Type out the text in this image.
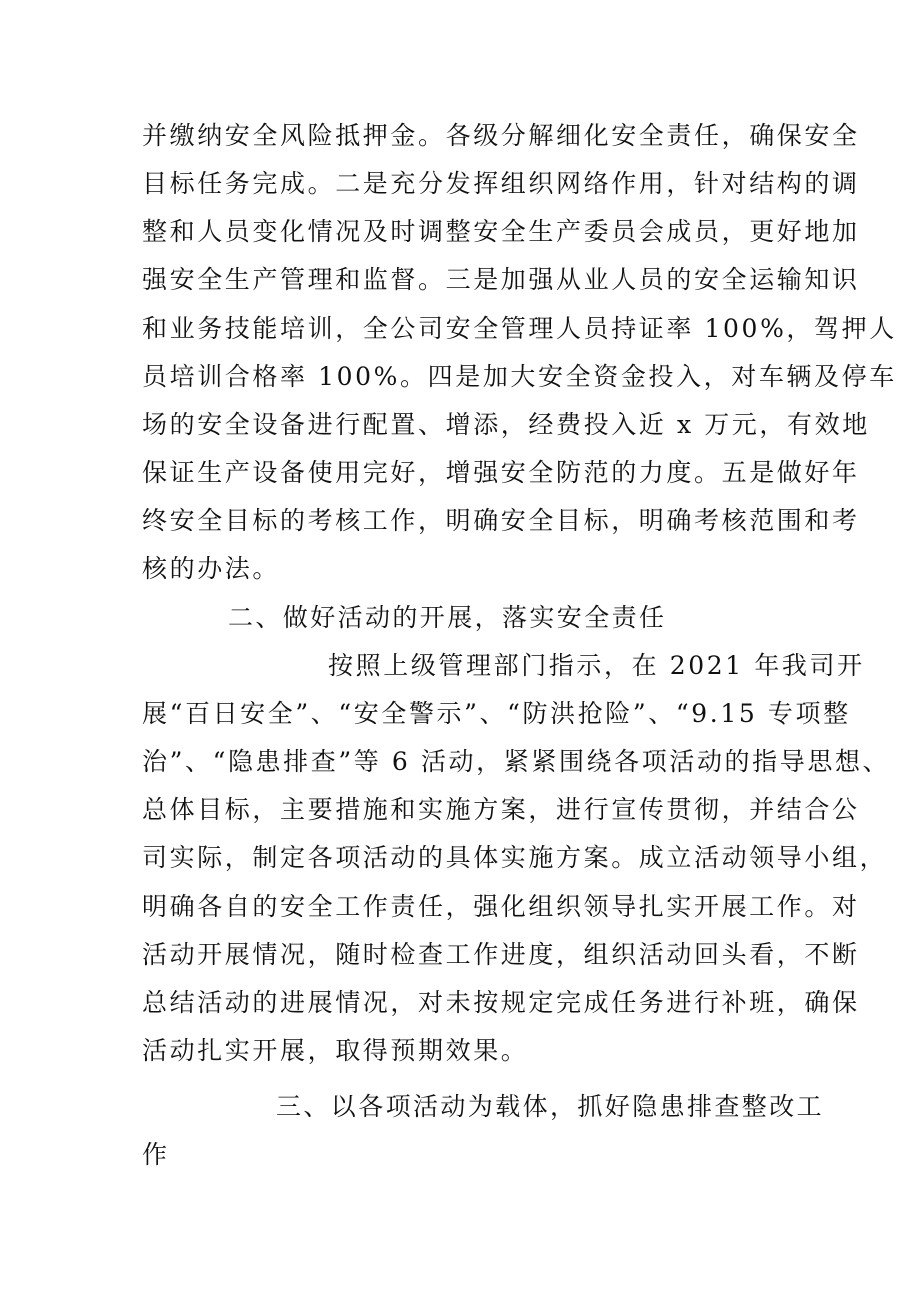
并缴纳安全风险抵押金。各级分解细化安全责任，确保安全
目标任务完成。二是充分发挥组织网络作用，针对结构的调
整和人员变化情况及时调整安全生产委员会成员，更好地加
强安全生产管理和监督。三是加强从业人员的安全运输知识
和业务技能培训，全公司安全管理人员持证率 100%，驾押人
员培训合格率 100%。四是加大安全资金投入，对车辆及停车
场的安全设备进行配置、增添，经费投入近 x 万元，有效地
保证生产设备使用完好，增强安全防范的力度。五是做好年
终安全目标的考核工作，明确安全目标，明确考核范围和考
核的办法。
二、做好活动的开展，落实安全责任
按照上级管理部门指示，在 2021 年我司开
展“百日安全”、“安全警示”、“防洪抢险”、“9.15 专项整
治”、“隐患排查”等 6 活动，紧紧围绕各项活动的指导思想、
总体目标，主要措施和实施方案，进行宣传贯彻，并结合公
司实际，制定各项活动的具体实施方案。成立活动领导小组，
明确各自的安全工作责任，强化组织领导扎实开展工作。对
活动开展情况，随时检查工作进度，组织活动回头看，不断
总结活动的进展情况，对未按规定完成任务进行补班，确保
活动扎实开展，取得预期效果。
三、以各项活动为载体，抓好隐患排查整改工
作
